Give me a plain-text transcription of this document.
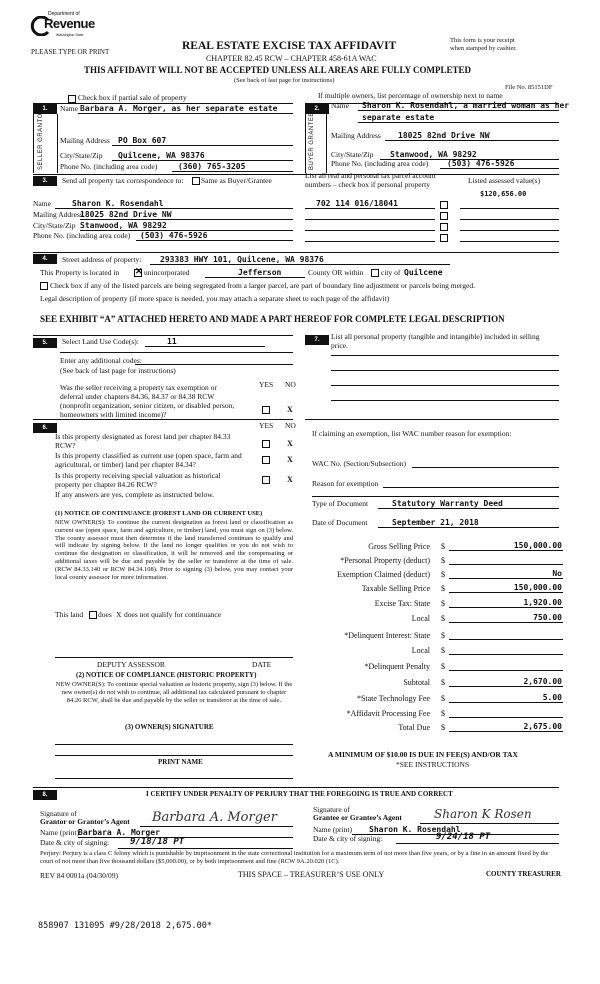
Department of
Revenue
Washington State
PLEASE TYPE OR PRINT	REAL ESTATE EXCISE TAX AFFIDAVIT
CHAPTER 82.45 RCW – CHAPTER 458-61A WAC
This form is your receipt
when stamped by cashier.
THIS AFFIDAVIT WILL NOT BE ACCEPTED UNLESS ALL AREAS ARE FULLY COMPLETED
(See back of last page for instructions)
File No. 85151DF
Check box if partial sale of property	If multiple owners, list percentage of ownership next to name
1.
SELLER GRANTOR Name Barbara A. Morger, as her separate estate
Mailing Address PO Box 607
City/State/Zip Quilcene, WA 98376
Phone No. (including area code)	(360) 765-3205
2.
BUYER GRANTEE
Name Sharon K. Rosendahl, a married woman as her
separate estate
Mailing Address 18025 82nd Drive NW
City/State/Zip Stanwood, WA 98292
Phone No. (including area code) (503) 476-5926
3.	Send all property tax correspondence to: Same as Buyer/Grantee
Name	Sharon K. Rosendahl
Mailing Address
18025 82nd Drive NW
City/State/Zip Stanwood, WA 98292
Phone No. (including area code) (503) 476-5926
List all real and personal tax parcel account
numbers – check box if personal property	Listed assessed value(s)
$120,656.00
702 114 016/18041
4.	Street address of property: 293383 HWY 101, Quilcene, WA 98376
This Property is located in ✕ unincorporated	Jefferson	County OR within city of Quilcene
Check box if any of the listed parcels are being segregated from a larger parcel, are part of boundary line adjustment or parcels being merged.
Legal description of property (if more space is needed, you may attach a separate sheet to each page of the affidavit)
SEE EXHIBIT “A” ATTACHED HERETO AND MADE A PART HEREOF FOR COMPLETE LEGAL DESCRIPTION
5.	Select Land Use Code(s):	11
Enter any additional codes:
(See back of last page for instructions)
YES NO
Was the seller receiving a property tax exemption or
deferral under chapters 84.36, 84.37 or 84.38 RCW
(nonprofit organization, senior citizen, or disabled person,
homeowners with limited income)?
X
6.	YES NO
Is this property designated as forest land per chapter 84.33
RCW?	X
Is this property classified as current use (open space, farm and
agricultural, or timber) land per chapter 84.34?
X
Is this property receiving special valuation as historical
property per chapter 84.26 RCW?
X
If any answers are yes, complete as instructed below.
(1) NOTICE OF CONTINUANCE (FOREST LAND OR CURRENT USE)
NEW OWNER(S): To continue the current designation as forest land or classification as current use (open space, farm and agriculture, or timber) land, you must sign on (3) below. The county assessor must then determine if the land transferred continues to qualify and will indicate by signing below. If the land no longer qualifies or you do not wish to continue the designation or classification, it will be removed and the compensating or additional taxes will be due and payable by the seller or transferor at the time of sale. (RCW 84.33.140 or RCW 84.34.108). Prior to signing (3) below, you may contact your local county assessor for more information.
This land does X does not qualify for continuance
DEPUTY ASSESSOR	DATE
(2) NOTICE OF COMPLIANCE (HISTORIC PROPERTY)
NEW OWNER(S): To continue special valuation as historic property, sign (3) below. If the new owner(s) do not wish to continue, all additional tax calculated pursuant to chapter 84.26 RCW, shall be due and payable by the seller or transferor at the time of sale.
(3) OWNER(S) SIGNATURE
PRINT NAME
7.	List all personal property (tangible and intangible) included in selling
price.
If claiming an exemption, list WAC number reason for exemption:
WAC No. (Section/Subsection)
Reason for exemption
Type of Document	Statutory Warranty Deed
Date of Document	September 21, 2018
Gross Selling Price $	150,000.00
*Personal Property (deduct) $
Exemption Claimed (deduct) $	No
Taxable Selling Price $	150,000.00
Excise Tax: State $	1,920.00
Local $	750.00
*Delinquent Interest: State $
Local $
*Delinquent Penalty $
Subtotal $	2,670.00
*State Technology Fee $	5.00
*Affidavit Processing Fee $
Total Due $	2,675.00
A MINIMUM OF $10.00 IS DUE IN FEE(S) AND/OR TAX
*SEE INSTRUCTIONS
8.	I CERTIFY UNDER PENALTY OF PERJURY THAT THE FOREGOING IS TRUE AND CORRECT
Signature of
Grantor or Grantor’s Agent Barbara A. Morger
Name (print) Barbara A. Morger
Date & city of signing: 9/18/18 PT
Signature of
Grantee or Grantee’s Agent	Sharon K Rosen
Name (print) Sharon K. Rosendahl
Date & city of signing:	9/24/18 PT
Perjury: Perjury is a class C felony which is punishable by imprisonment in the state correctional institution for a maximum term of not more than five years, or by a fine in an amount fixed by the court of not more than five thousand dollars ($5,000.00), or by both imprisonment and fine (RCW 9A.20.020 (1C).
REV 84 0001a (04/30/09)	THIS SPACE – TREASURER’S USE ONLY	COUNTY TREASURER
858907 131095 #9/28/2018 2,675.00*
